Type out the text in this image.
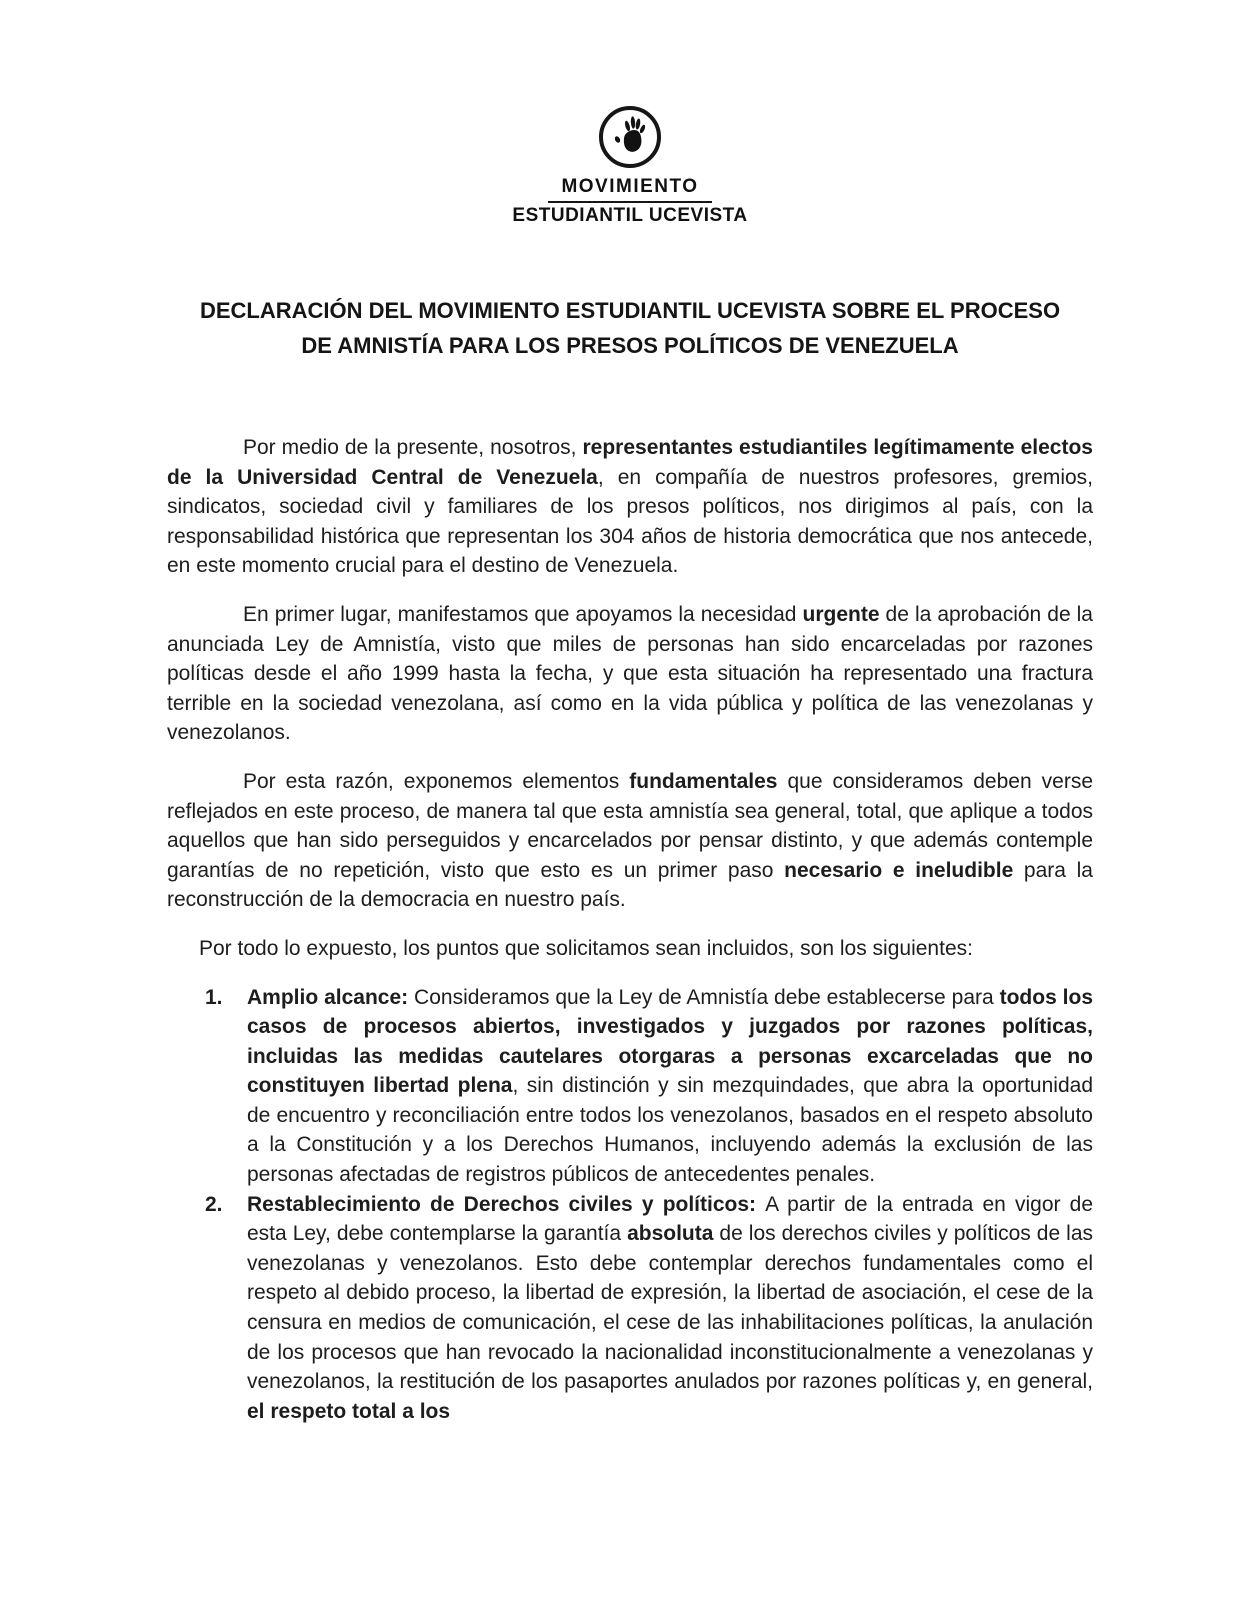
MOVIMIENTO
ESTUDIANTIL UCEVISTA
DECLARACIÓN DEL MOVIMIENTO ESTUDIANTIL UCEVISTA SOBRE EL PROCESO
DE AMNISTÍA PARA LOS PRESOS POLÍTICOS DE VENEZUELA

Por medio de la presente, nosotros, representantes estudiantiles legítimamente electos de la Universidad Central de Venezuela, en compañía de nuestros profesores, gremios, sindicatos, sociedad civil y familiares de los presos políticos, nos dirigimos al país, con la responsabilidad histórica que representan los 304 años de historia democrática que nos antecede, en este momento crucial para el destino de Venezuela.

En primer lugar, manifestamos que apoyamos la necesidad urgente de la aprobación de la anunciada Ley de Amnistía, visto que miles de personas han sido encarceladas por razones políticas desde el año 1999 hasta la fecha, y que esta situación ha representado una fractura terrible en la sociedad venezolana, así como en la vida pública y política de las venezolanas y venezolanos.

Por esta razón, exponemos elementos fundamentales que consideramos deben verse reflejados en este proceso, de manera tal que esta amnistía sea general, total, que aplique a todos aquellos que han sido perseguidos y encarcelados por pensar distinto, y que además contemple garantías de no repetición, visto que esto es un primer paso necesario e ineludible para la reconstrucción de la democracia en nuestro país.

Por todo lo expuesto, los puntos que solicitamos sean incluidos, son los siguientes:

1. Amplio alcance: Consideramos que la Ley de Amnistía debe establecerse para todos los casos de procesos abiertos, investigados y juzgados por razones políticas, incluidas las medidas cautelares otorgaras a personas excarceladas que no constituyen libertad plena, sin distinción y sin mezquindades, que abra la oportunidad de encuentro y reconciliación entre todos los venezolanos, basados en el respeto absoluto a la Constitución y a los Derechos Humanos, incluyendo además la exclusión de las personas afectadas de registros públicos de antecedentes penales.
2. Restablecimiento de Derechos civiles y políticos: A partir de la entrada en vigor de esta Ley, debe contemplarse la garantía absoluta de los derechos civiles y políticos de las venezolanas y venezolanos. Esto debe contemplar derechos fundamentales como el respeto al debido proceso, la libertad de expresión, la libertad de asociación, el cese de la censura en medios de comunicación, el cese de las inhabilitaciones políticas, la anulación de los procesos que han revocado la nacionalidad inconstitucionalmente a venezolanas y venezolanos, la restitución de los pasaportes anulados por razones políticas y, en general, el respeto total a los
